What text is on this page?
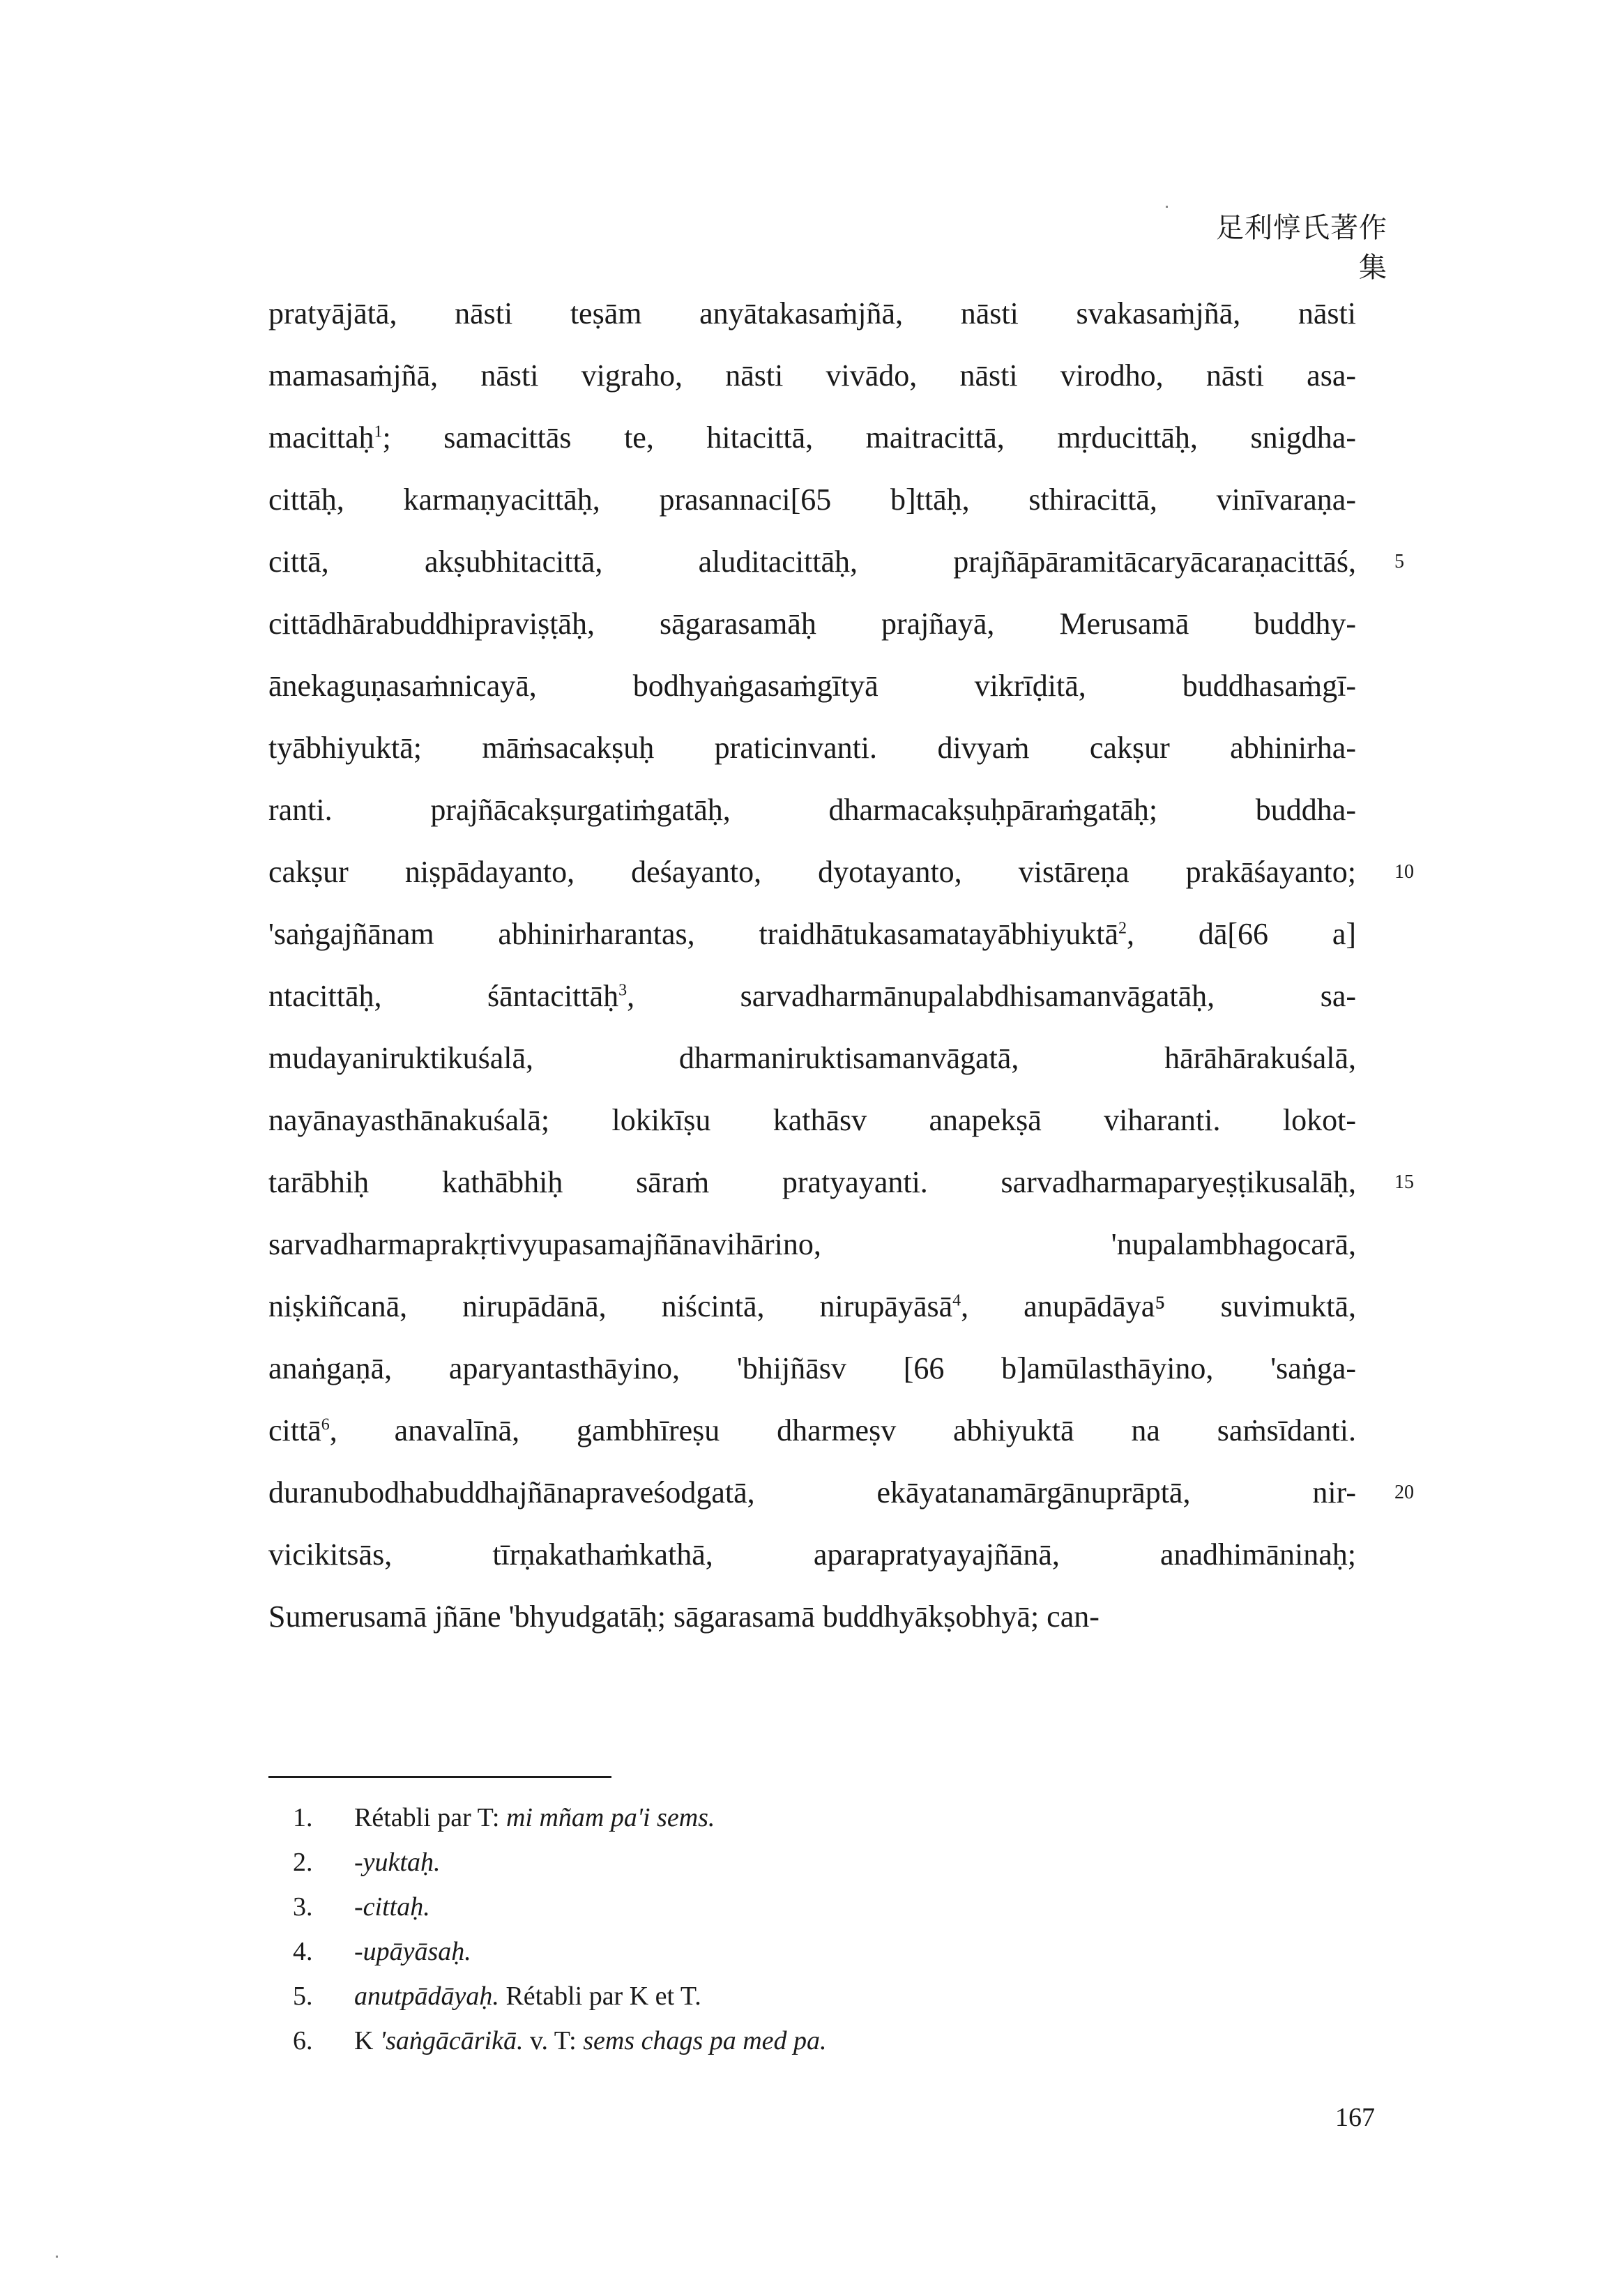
足利惇氏著作集
pratyājātā, nāsti teṣām anyātakasaṁjñā, nāsti svakasaṁjñā, nāsti
mamasaṁjñā, nāsti vigraho, nāsti vivādo, nāsti virodho, nāsti asa-
macittaḥ$^1$; samacittās te, hitacittā, maitracittā, mṛducittāḥ, snigdha-
cittāḥ, karmaṇyacittāḥ, prasannaci[65 b]ttāḥ, sthiracittā, vinīvaraṇa-
cittā, akṣubhitacittā, aluditacittāḥ, prajñāpāramitācaryācaraṇacittāś, 5
cittādhārabuddhipraviṣṭāḥ, sāgarasamāḥ prajñayā, Merusamā buddhy-
ānekaguṇasaṁnicayā, bodhyaṅgasaṁgītyā vikrīḍitā, buddhasaṁgī-
tyābhiyuktā; māṁsacakṣuḥ praticinvanti. divyaṁ cakṣur abhinirha-
ranti. prajñācakṣurgatiṁgatāḥ, dharmacakṣuḥpāraṁgatāḥ; buddha-
cakṣur niṣpādayanto, deśayanto, dyotayanto, vistāreṇa prakāśayanto; 10
'saṅgajñānam abhinirharantas, traidhātukasamatayābhiyuktā$^2$, dā[66 a]
ntacittāḥ, śāntacittāḥ$^3$, sarvadharmānupalabdhisamanvāgatāḥ, sa-
mudayaniruktikuśalā, dharmaniruktisamanvāgatā, hārāhārakuśalā,
nayānayasthānakuśalā; lokikīṣu kathāsv anapekṣā viharanti. lokot-
tarābhiḥ kathābhiḥ sāraṁ pratyayanti. sarvadharmaparyeṣṭikusalāḥ, 15
sarvadharmaprakṛtivyupasamajñānavihārino, 'nupalambhagocarā,
niṣkiñcanā, nirupādānā, niścintā, nirupāyāsā$^4$, anupādāya⁵ suvimuktā,
anaṅgaṇā, aparyantasthāyino, 'bhijñāsv [66 b]amūlasthāyino, 'saṅga-
cittā$^6$, anavalīnā, gambhīreṣu dharmeṣv abhiyuktā na saṁsīdanti.
duranubodhabuddhajñānapraveśodgatā, ekāyatanamārgānuprāptā, nir- 20
vicikitsās, tīrṇakathaṁkathā, aparapratyayajñānā, anadhimāninaḥ;
Sumerusamā jñāne 'bhyudgatāḥ; sāgarasamā buddhyākṣobhyā; can-
1. Rétabli par T: mi mñam pa'i sems.
2. -yuktaḥ.
3. -cittaḥ.
4. -upāyāsaḥ.
5. anutpādāyaḥ. Rétabli par K et T.
6. K 'saṅgācārikā. v. T: sems chags pa med pa.
167
